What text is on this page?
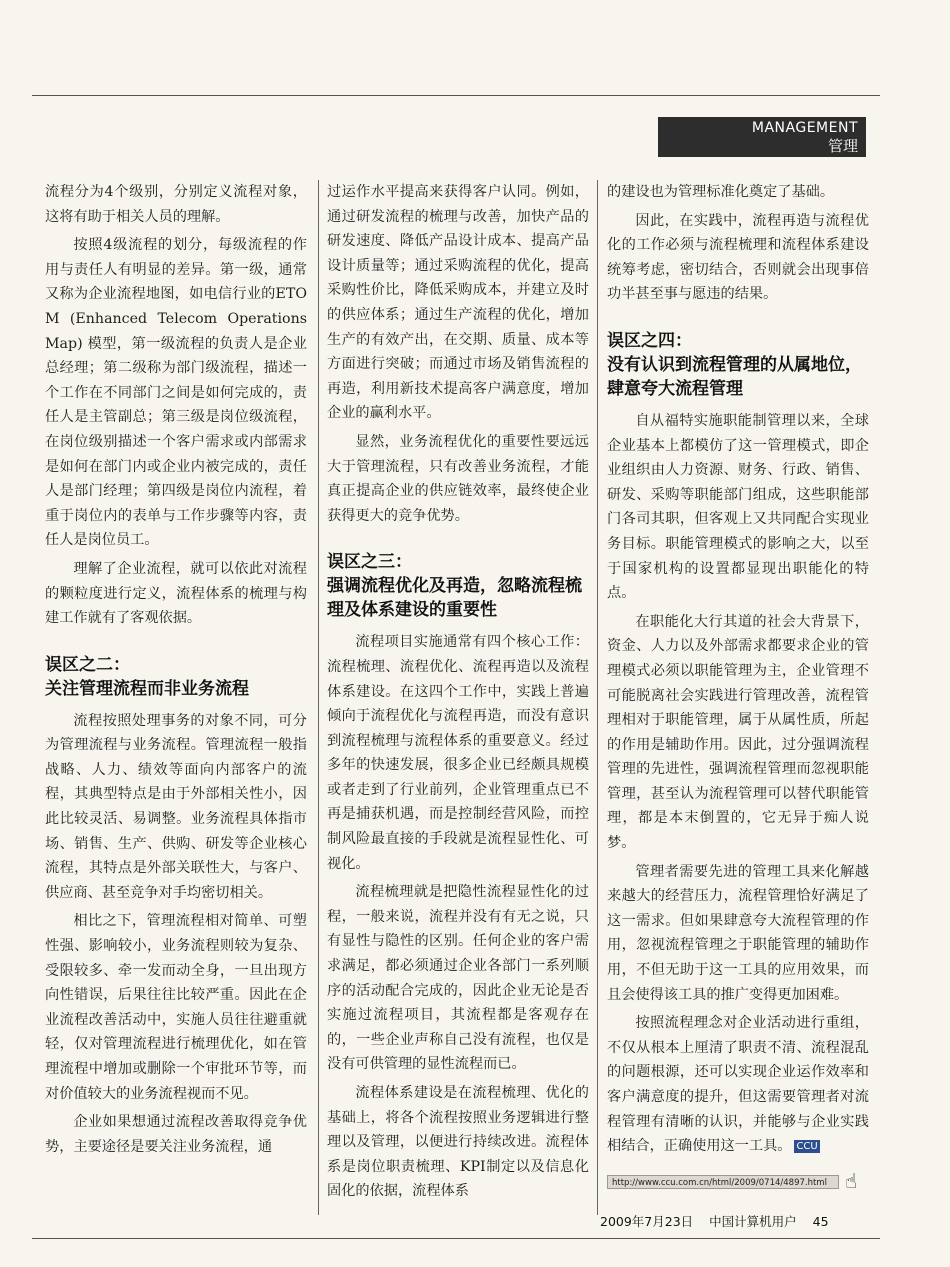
MANAGEMENT
管理

流程分为4个级别，分别定义流程对象，这将有助于相关人员的理解。

按照4级流程的划分，每级流程的作用与责任人有明显的差异。第一级，通常又称为企业流程地图，如电信行业的ETOM (Enhanced Telecom Operations Map) 模型，第一级流程的负责人是企业总经理；第二级称为部门级流程，描述一个工作在不同部门之间是如何完成的，责任人是主管副总；第三级是岗位级流程，在岗位级别描述一个客户需求或内部需求是如何在部门内或企业内被完成的，责任人是部门经理；第四级是岗位内流程，着重于岗位内的表单与工作步骤等内容，责任人是岗位员工。

理解了企业流程，就可以依此对流程的颗粒度进行定义，流程体系的梳理与构建工作就有了客观依据。

误区之二：
关注管理流程而非业务流程

流程按照处理事务的对象不同，可分为管理流程与业务流程。管理流程一般指战略、人力、绩效等面向内部客户的流程，其典型特点是由于外部相关性小，因此比较灵活、易调整。业务流程具体指市场、销售、生产、供购、研发等企业核心流程，其特点是外部关联性大，与客户、供应商、甚至竞争对手均密切相关。

相比之下，管理流程相对简单、可塑性强、影响较小，业务流程则较为复杂、受限较多、牵一发而动全身，一旦出现方向性错误，后果往往比较严重。因此在企业流程改善活动中，实施人员往往避重就轻，仅对管理流程进行梳理优化，如在管理流程中增加或删除一个审批环节等，而对价值较大的业务流程视而不见。

企业如果想通过流程改善取得竞争优势，主要途径是要关注业务流程，通

过运作水平提高来获得客户认同。例如，通过研发流程的梳理与改善，加快产品的研发速度、降低产品设计成本、提高产品设计质量等；通过采购流程的优化，提高采购性价比，降低采购成本，并建立及时的供应体系；通过生产流程的优化，增加生产的有效产出，在交期、质量、成本等方面进行突破；而通过市场及销售流程的再造，利用新技术提高客户满意度，增加企业的赢利水平。

显然，业务流程优化的重要性要远远大于管理流程，只有改善业务流程，才能真正提高企业的供应链效率，最终使企业获得更大的竞争优势。

误区之三：
强调流程优化及再造，忽略流程梳理及体系建设的重要性

流程项目实施通常有四个核心工作：流程梳理、流程优化、流程再造以及流程体系建设。在这四个工作中，实践上普遍倾向于流程优化与流程再造，而没有意识到流程梳理与流程体系的重要意义。经过多年的快速发展，很多企业已经颇具规模或者走到了行业前列，企业管理重点已不再是捕获机遇，而是控制经营风险，而控制风险最直接的手段就是流程显性化、可视化。

流程梳理就是把隐性流程显性化的过程，一般来说，流程并没有有无之说，只有显性与隐性的区别。任何企业的客户需求满足，都必须通过企业各部门一系列顺序的活动配合完成的，因此企业无论是否实施过流程项目，其流程都是客观存在的，一些企业声称自己没有流程，也仅是没有可供管理的显性流程而已。

流程体系建设是在流程梳理、优化的基础上，将各个流程按照业务逻辑进行整理以及管理，以便进行持续改进。流程体系是岗位职责梳理、KPI制定以及信息化固化的依据，流程体系

的建设也为管理标准化奠定了基础。

因此，在实践中，流程再造与流程优化的工作必须与流程梳理和流程体系建设统筹考虑，密切结合，否则就会出现事倍功半甚至事与愿违的结果。

误区之四：
没有认识到流程管理的从属地位，肆意夸大流程管理

自从福特实施职能制管理以来，全球企业基本上都模仿了这一管理模式，即企业组织由人力资源、财务、行政、销售、研发、采购等职能部门组成，这些职能部门各司其职，但客观上又共同配合实现业务目标。职能管理模式的影响之大，以至于国家机构的设置都显现出职能化的特点。

在职能化大行其道的社会大背景下，资金、人力以及外部需求都要求企业的管理模式必须以职能管理为主，企业管理不可能脱离社会实践进行管理改善，流程管理相对于职能管理，属于从属性质，所起的作用是辅助作用。因此，过分强调流程管理的先进性，强调流程管理而忽视职能管理，甚至认为流程管理可以替代职能管理，都是本末倒置的，它无异于痴人说梦。

管理者需要先进的管理工具来化解越来越大的经营压力，流程管理恰好满足了这一需求。但如果肆意夸大流程管理的作用，忽视流程管理之于职能管理的辅助作用，不但无助于这一工具的应用效果，而且会使得该工具的推广变得更加困难。

按照流程理念对企业活动进行重组，不仅从根本上厘清了职责不清、流程混乱的问题根源，还可以实现企业运作效率和客户满意度的提升，但这需要管理者对流程管理有清晰的认识，并能够与企业实践相结合，正确使用这一工具。 CCU

http://www.ccu.com.cn/html/2009/0714/4897.html ☝
2009年7月23日 中国计算机用户 45
